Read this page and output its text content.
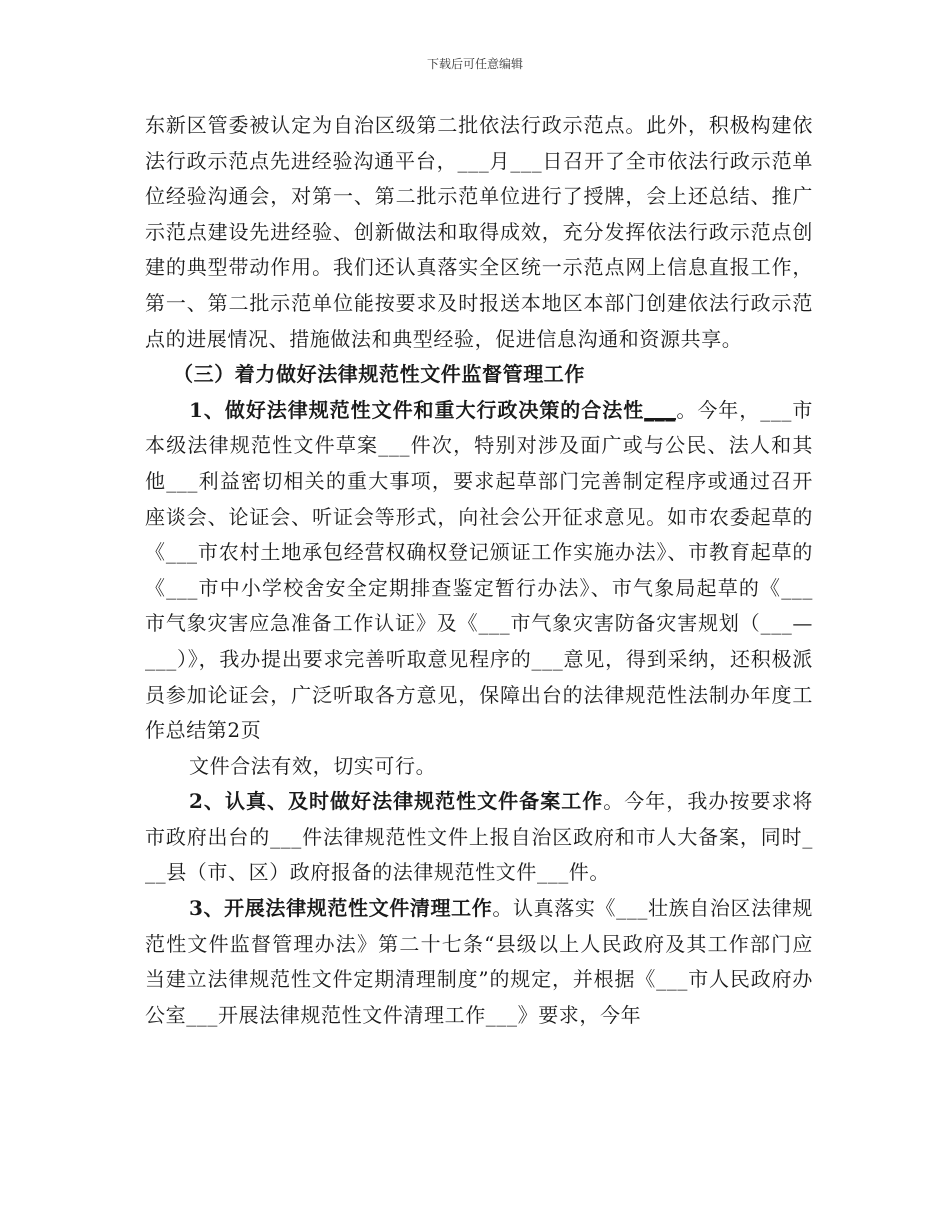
下载后可任意编辑

东新区管委被认定为自治区级第二批依法行政示范点。此外，积极构建依法行政示范点先进经验沟通平台，___月___日召开了全市依法行政示范单位经验沟通会，对第一、第二批示范单位进行了授牌，会上还总结、推广示范点建设先进经验、创新做法和取得成效，充分发挥依法行政示范点创建的典型带动作用。我们还认真落实全区统一示范点网上信息直报工作，第一、第二批示范单位能按要求及时报送本地区本部门创建依法行政示范点的进展情况、措施做法和典型经验，促进信息沟通和资源共享。

（三）着力做好法律规范性文件监督管理工作

1、做好法律规范性文件和重大行政决策的合法性___。今年，___市本级法律规范性文件草案___件次，特别对涉及面广或与公民、法人和其他___利益密切相关的重大事项，要求起草部门完善制定程序或通过召开座谈会、论证会、听证会等形式，向社会公开征求意见。如市农委起草的《___市农村土地承包经营权确权登记颁证工作实施办法》、市教育起草的《___市中小学校舍安全定期排查鉴定暂行办法》、市气象局起草的《___市气象灾害应急准备工作认证》及《___市气象灾害防备灾害规划（___—___）》，我办提出要求完善听取意见程序的___意见，得到采纳，还积极派员参加论证会，广泛听取各方意见，保障出台的法律规范性法制办年度工作总结第2页

文件合法有效，切实可行。

2、认真、及时做好法律规范性文件备案工作。今年，我办按要求将市政府出台的___件法律规范性文件上报自治区政府和市人大备案，同时___县（市、区）政府报备的法律规范性文件___件。

3、开展法律规范性文件清理工作。认真落实《___壮族自治区法律规范性文件监督管理办法》第二十七条“县级以上人民政府及其工作部门应当建立法律规范性文件定期清理制度”的规定，并根据《___市人民政府办公室___开展法律规范性文件清理工作___》要求，今年
